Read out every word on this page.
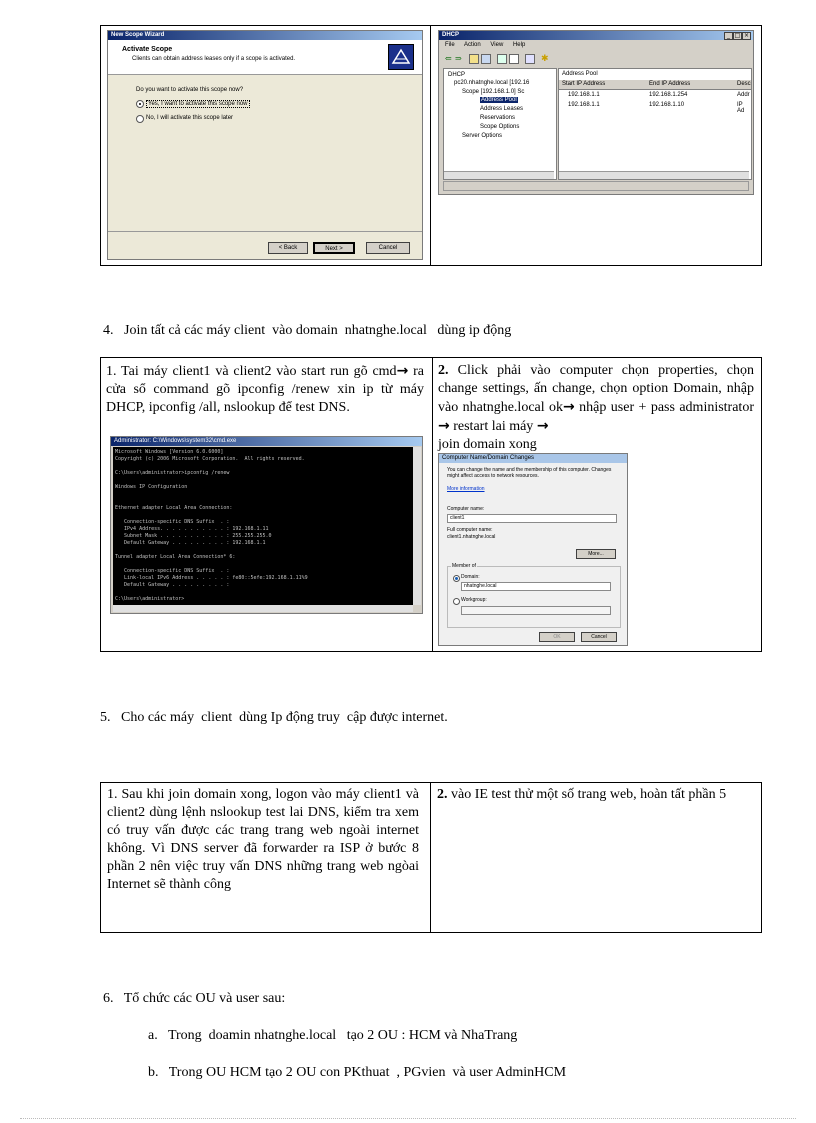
New Scope Wizard
Activate Scope
Clients can obtain address leases only if a scope is activated.
Do you want to activate this scope now?
Yes, I want to activate this scope now
No, I will activate this scope later
< Back	Next >	Cancel
DHCP	_ □ ×
File Action View Help
⇐ ⇒	✱
DHCP
pc20.nhatnghe.local [192.16
Scope [192.168.1.0] Sc
Address Pool
Address Leases
Reservations
Scope Options
Server Options
Address Pool
Start IP Address	End IP Address	Desc
192.168.1.1	192.168.1.254	Addr
192.168.1.1	192.168.1.10	IP Ad
4.   Join tất cả các máy client  vào domain  nhatnghe.local   dùng ip động
1. Tai máy client1 và client2 vào start run gõ cmd→ ra cửa sổ command gõ ipconfig /renew xin ip từ máy DHCP, ipconfig /all, nslookup để test DNS.
Administrator: C:\Windows\system32\cmd.exe
Microsoft Windows [Version 6.0.6000]
Copyright (c) 2006 Microsoft Corporation.  All rights reserved.

C:\Users\administrator>ipconfig /renew

Windows IP Configuration

Ethernet adapter Local Area Connection:

Connection-specific DNS Suffix  . :
IPv4 Address. . . . . . . . . . . : 192.168.1.11
Subnet Mask . . . . . . . . . . . : 255.255.255.0
Default Gateway . . . . . . . . . : 192.168.1.1

Tunnel adapter Local Area Connection* 6:

Connection-specific DNS Suffix  . :
Link-local IPv6 Address . . . . . : fe80::5efe:192.168.1.11%9
Default Gateway . . . . . . . . . :

C:\Users\administrator>
2. Click phải vào computer chọn properties, chọn change settings, ấn change, chọn option Domain, nhập vào nhatnghe.local ok→ nhập user + pass administrator → restart lai máy →
join domain xong
Computer Name/Domain Changes
You can change the name and the membership of this computer. Changes might affect access to network resources.
More information
Computer name:
client1
Full computer name:
client1.nhatnghe.local
More...
Member of
Domain:
nhatnghe.local
Workgroup:
OK	Cancel
5.   Cho các máy  client  dùng Ip động truy  cập được internet.
1. Sau khi join domain xong, logon vào máy client1 và client2 dùng lệnh nslookup test lai DNS, kiểm tra xem có truy vấn được các trang trang web ngoài internet không. Vì DNS server đã forwarder ra ISP ở bước 8 phần 2 nên việc truy vấn DNS những trang web ngòai Internet sẽ thành công
2. vào IE test thử một số trang web, hoàn tất phần 5
6.   Tổ chức các OU và user sau:
a.   Trong  doamin nhatnghe.local   tạo 2 OU : HCM và NhaTrang
b.   Trong OU HCM tạo 2 OU con PKthuat  , PGvien  và user AdminHCM
